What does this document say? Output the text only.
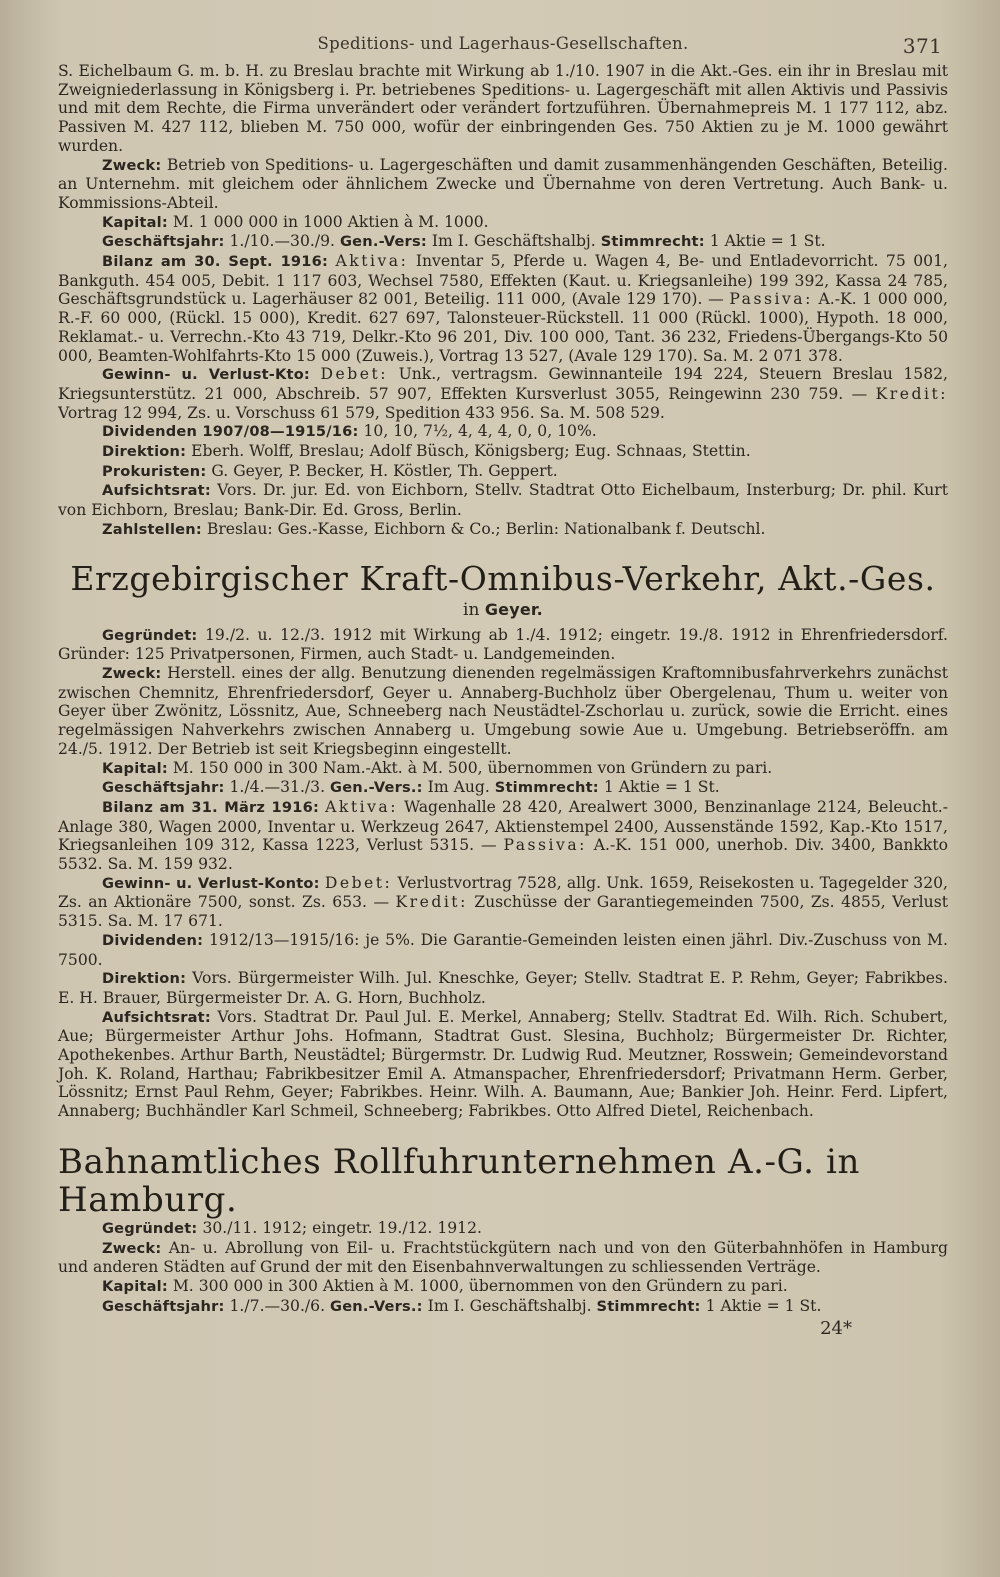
Speditions- und Lagerhaus-Gesellschaften.	371

S. Eichelbaum G. m. b. H. zu Breslau brachte mit Wirkung ab 1./10. 1907 in die Akt.-Ges. ein ihr in Breslau mit Zweigniederlassung in Königsberg i. Pr. betriebenes Speditions- u. Lagergeschäft mit allen Aktivis und Passivis und mit dem Rechte, die Firma unverändert oder verändert fortzuführen. Übernahmepreis M. 1 177 112, abz. Passiven M. 427 112, blieben M. 750 000, wofür der einbringenden Ges. 750 Aktien zu je M. 1000 gewährt wurden.

Zweck: Betrieb von Speditions- u. Lagergeschäften und damit zusammenhängenden Geschäften, Beteilig. an Unternehm. mit gleichem oder ähnlichem Zwecke und Übernahme von deren Vertretung. Auch Bank- u. Kommissions-Abteil.

Kapital: M. 1 000 000 in 1000 Aktien à M. 1000.

Geschäftsjahr: 1./10.—30./9. Gen.-Vers: Im I. Geschäftshalbj. Stimmrecht: 1 Aktie = 1 St.

Bilanz am 30. Sept. 1916: Aktiva: Inventar 5, Pferde u. Wagen 4, Be- und Entladevorricht. 75 001, Bankguth. 454 005, Debit. 1 117 603, Wechsel 7580, Effekten (Kaut. u. Kriegsanleihe) 199 392, Kassa 24 785, Geschäftsgrundstück u. Lagerhäuser 82 001, Beteilig. 111 000, (Avale 129 170). — Passiva: A.-K. 1 000 000, R.-F. 60 000, (Rückl. 15 000), Kredit. 627 697, Talonsteuer-Rückstell. 11 000 (Rückl. 1000), Hypoth. 18 000, Reklamat.- u. Verrechn.-Kto 43 719, Delkr.-Kto 96 201, Div. 100 000, Tant. 36 232, Friedens-Übergangs-Kto 50 000, Beamten-Wohlfahrts-Kto 15 000 (Zuweis.), Vortrag 13 527, (Avale 129 170). Sa. M. 2 071 378.

Gewinn- u. Verlust-Kto: Debet: Unk., vertragsm. Gewinnanteile 194 224, Steuern Breslau 1582, Kriegsunterstütz. 21 000, Abschreib. 57 907, Effekten Kursverlust 3055, Reingewinn 230 759. — Kredit: Vortrag 12 994, Zs. u. Vorschuss 61 579, Spedition 433 956. Sa. M. 508 529.

Dividenden 1907/08—1915/16: 10, 10, 7½, 4, 4, 4, 0, 0, 10%.

Direktion: Eberh. Wolff, Breslau; Adolf Büsch, Königsberg; Eug. Schnaas, Stettin.

Prokuristen: G. Geyer, P. Becker, H. Köstler, Th. Geppert.

Aufsichtsrat: Vors. Dr. jur. Ed. von Eichborn, Stellv. Stadtrat Otto Eichelbaum, Insterburg; Dr. phil. Kurt von Eichborn, Breslau; Bank-Dir. Ed. Gross, Berlin.

Zahlstellen: Breslau: Ges.-Kasse, Eichborn & Co.; Berlin: Nationalbank f. Deutschl.

Erzgebirgischer Kraft-Omnibus-Verkehr, Akt.-Ges.
in Geyer.

Gegründet: 19./2. u. 12./3. 1912 mit Wirkung ab 1./4. 1912; eingetr. 19./8. 1912 in Ehrenfriedersdorf. Gründer: 125 Privatpersonen, Firmen, auch Stadt- u. Landgemeinden.

Zweck: Herstell. eines der allg. Benutzung dienenden regelmässigen Kraftomnibusfahrverkehrs zunächst zwischen Chemnitz, Ehrenfriedersdorf, Geyer u. Annaberg-Buchholz über Obergelenau, Thum u. weiter von Geyer über Zwönitz, Lössnitz, Aue, Schneeberg nach Neustädtel-Zschorlau u. zurück, sowie die Erricht. eines regelmässigen Nahverkehrs zwischen Annaberg u. Umgebung sowie Aue u. Umgebung. Betriebseröffn. am 24./5. 1912. Der Betrieb ist seit Kriegsbeginn eingestellt.

Kapital: M. 150 000 in 300 Nam.-Akt. à M. 500, übernommen von Gründern zu pari.

Geschäftsjahr: 1./4.—31./3. Gen.-Vers.: Im Aug. Stimmrecht: 1 Aktie = 1 St.

Bilanz am 31. März 1916: Aktiva: Wagenhalle 28 420, Arealwert 3000, Benzinanlage 2124, Beleucht.-Anlage 380, Wagen 2000, Inventar u. Werkzeug 2647, Aktienstempel 2400, Aussenstände 1592, Kap.-Kto 1517, Kriegsanleihen 109 312, Kassa 1223, Verlust 5315. — Passiva: A.-K. 151 000, unerhob. Div. 3400, Bankkto 5532. Sa. M. 159 932.

Gewinn- u. Verlust-Konto: Debet: Verlustvortrag 7528, allg. Unk. 1659, Reisekosten u. Tagegelder 320, Zs. an Aktionäre 7500, sonst. Zs. 653. — Kredit: Zuschüsse der Garantiegemeinden 7500, Zs. 4855, Verlust 5315. Sa. M. 17 671.

Dividenden: 1912/13—1915/16: je 5%. Die Garantie-Gemeinden leisten einen jährl. Div.-Zuschuss von M. 7500.

Direktion: Vors. Bürgermeister Wilh. Jul. Kneschke, Geyer; Stellv. Stadtrat E. P. Rehm, Geyer; Fabrikbes. E. H. Brauer, Bürgermeister Dr. A. G. Horn, Buchholz.

Aufsichtsrat: Vors. Stadtrat Dr. Paul Jul. E. Merkel, Annaberg; Stellv. Stadtrat Ed. Wilh. Rich. Schubert, Aue; Bürgermeister Arthur Johs. Hofmann, Stadtrat Gust. Slesina, Buchholz; Bürgermeister Dr. Richter, Apothekenbes. Arthur Barth, Neustädtel; Bürgermstr. Dr. Ludwig Rud. Meutzner, Rosswein; Gemeindevorstand Joh. K. Roland, Harthau; Fabrikbesitzer Emil A. Atmanspacher, Ehrenfriedersdorf; Privatmann Herm. Gerber, Lössnitz; Ernst Paul Rehm, Geyer; Fabrikbes. Heinr. Wilh. A. Baumann, Aue; Bankier Joh. Heinr. Ferd. Lipfert, Annaberg; Buchhändler Karl Schmeil, Schneeberg; Fabrikbes. Otto Alfred Dietel, Reichenbach.

Bahnamtliches Rollfuhrunternehmen A.-G. in Hamburg.

Gegründet: 30./11. 1912; eingetr. 19./12. 1912.

Zweck: An- u. Abrollung von Eil- u. Frachtstückgütern nach und von den Güterbahnhöfen in Hamburg und anderen Städten auf Grund der mit den Eisenbahnverwaltungen zu schliessenden Verträge.

Kapital: M. 300 000 in 300 Aktien à M. 1000, übernommen von den Gründern zu pari.

Geschäftsjahr: 1./7.—30./6. Gen.-Vers.: Im I. Geschäftshalbj. Stimmrecht: 1 Aktie = 1 St.

24*
